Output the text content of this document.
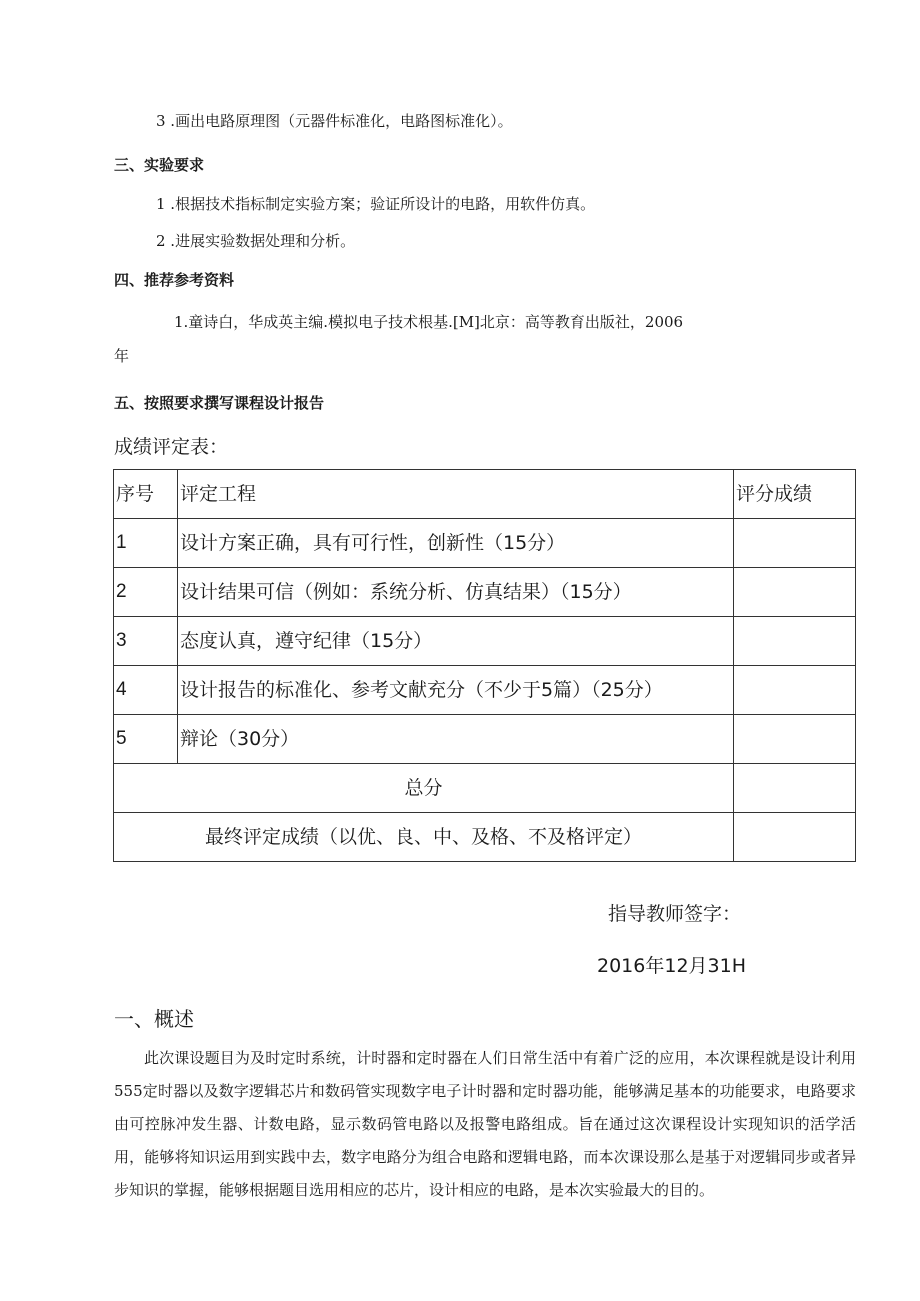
3 .画出电路原理图（元器件标准化，电路图标准化）。
三、实验要求
1 .根据技术指标制定实验方案；验证所设计的电路，用软件仿真。
2 .进展实验数据处理和分析。
四、推荐参考资料
1.童诗白，华成英主编.模拟电子技术根基.[M]北京：高等教育出版社，2006
年
五、按照要求撰写课程设计报告
成绩评定表：
序号	评定工程	评分成绩
1	设计方案正确，具有可行性，创新性（15分）	
2	设计结果可信（例如：系统分析、仿真结果）（15分）	
3	态度认真，遵守纪律（15分）	
4	设计报告的标准化、参考文献充分（不少于5篇）（25分）	
5	辩论（30分）	
总分		
最终评定成绩（以优、良、中、及格、不及格评定）		
指导教师签字：
2016年12月31H
一、概述

此次课设题目为及时定时系统，计时器和定时器在人们日常生活中有着广泛的应用，本次课程就是设计利用555定时器以及数字逻辑芯片和数码管实现数字电子计时器和定时器功能，能够满足基本的功能要求，电路要求由可控脉冲发生器、计数电路，显示数码管电路以及报警电路组成。旨在通过这次课程设计实现知识的活学活用，能够将知识运用到实践中去，数字电路分为组合电路和逻辑电路，而本次课设那么是基于对逻辑同步或者异步知识的掌握，能够根据题目选用相应的芯片，设计相应的电路，是本次实验最大的目的。
